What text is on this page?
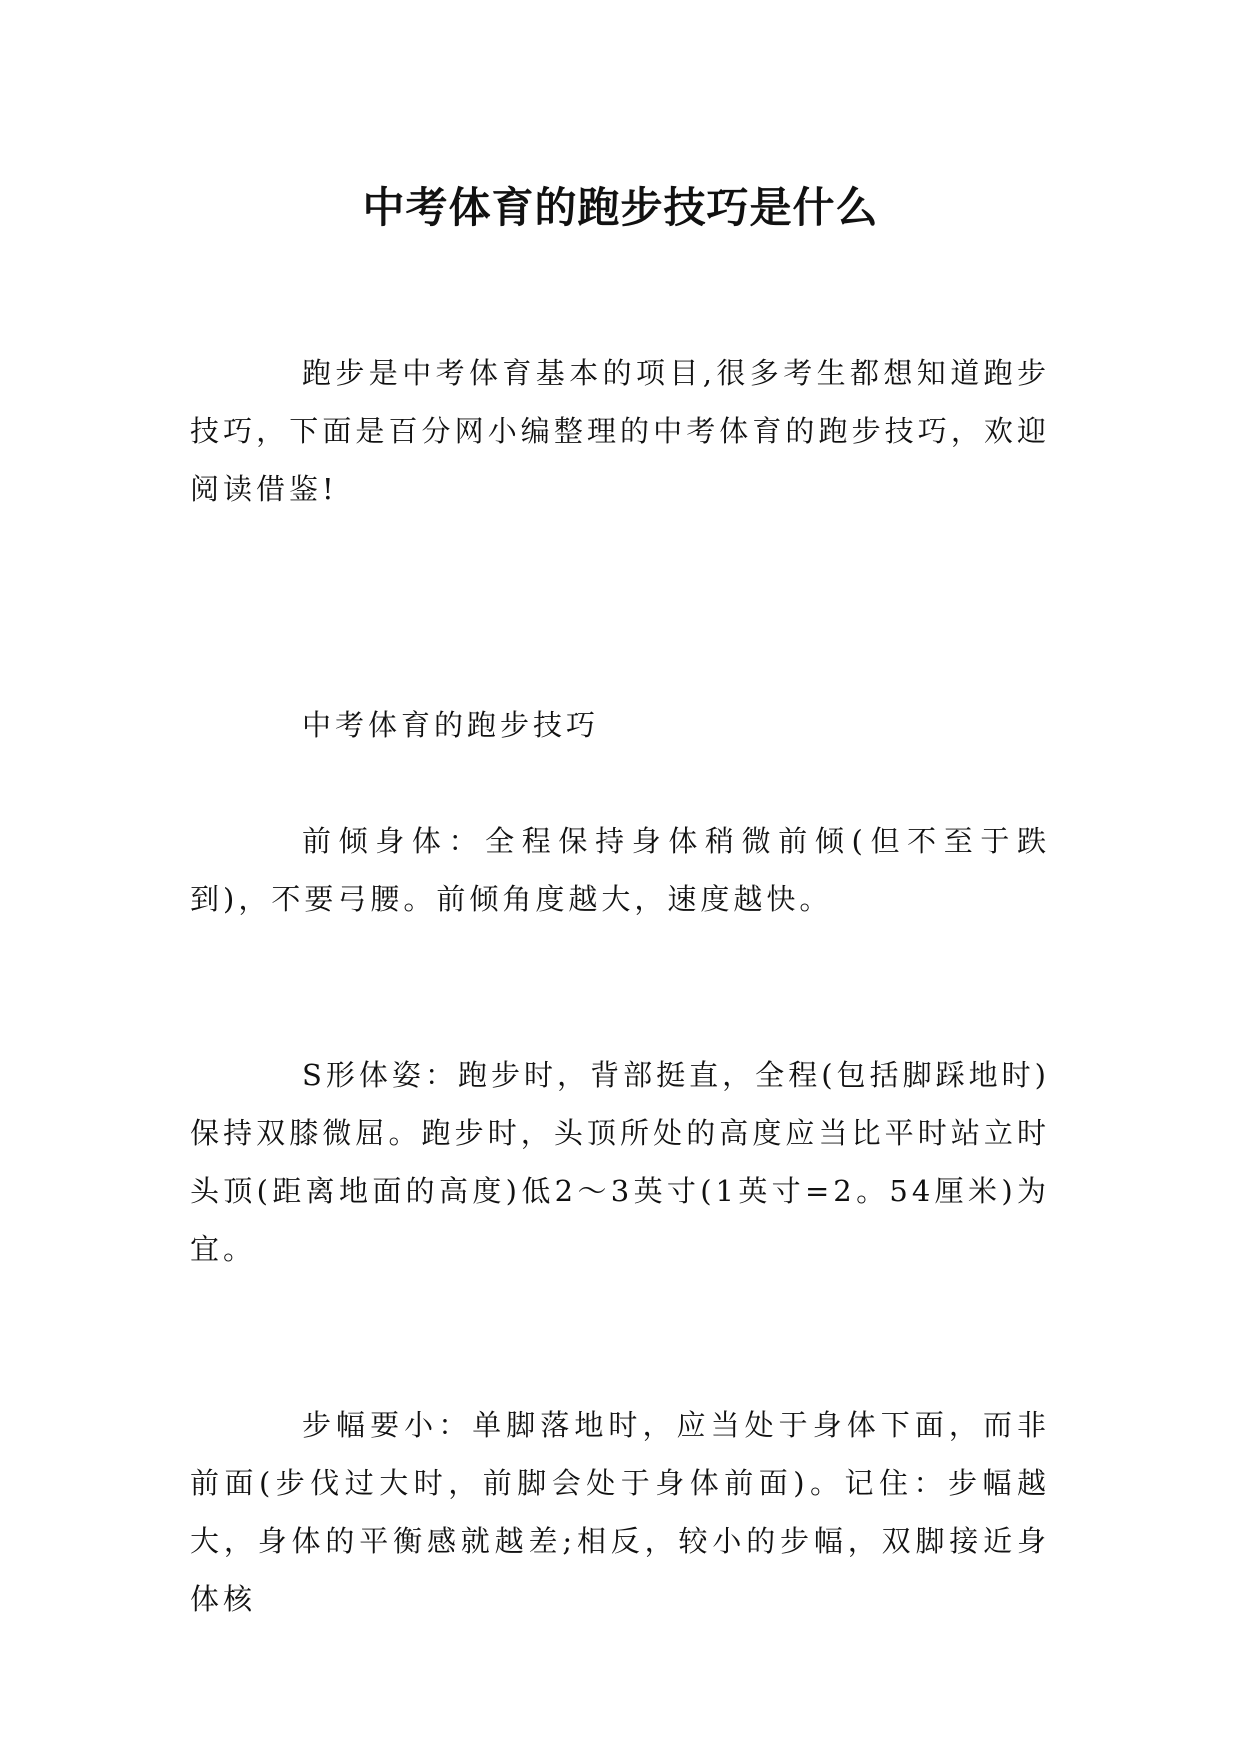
中考体育的跑步技巧是什么

跑步是中考体育基本的项目,很多考生都想知道跑步技巧，下面是百分网小编整理的中考体育的跑步技巧，欢迎阅读借鉴!

中考体育的跑步技巧

前倾身体：全程保持身体稍微前倾(但不至于跌到)，不要弓腰。前倾角度越大，速度越快。

S形体姿：跑步时，背部挺直，全程(包括脚踩地时)保持双膝微屈。跑步时，头顶所处的高度应当比平时站立时头顶(距离地面的高度)低2～3英寸(1英寸=2。54厘米)为宜。

步幅要小：单脚落地时，应当处于身体下面，而非前面(步伐过大时，前脚会处于身体前面)。记住：步幅越大，身体的平衡感就越差;相反，较小的步幅，双脚接近身体核
